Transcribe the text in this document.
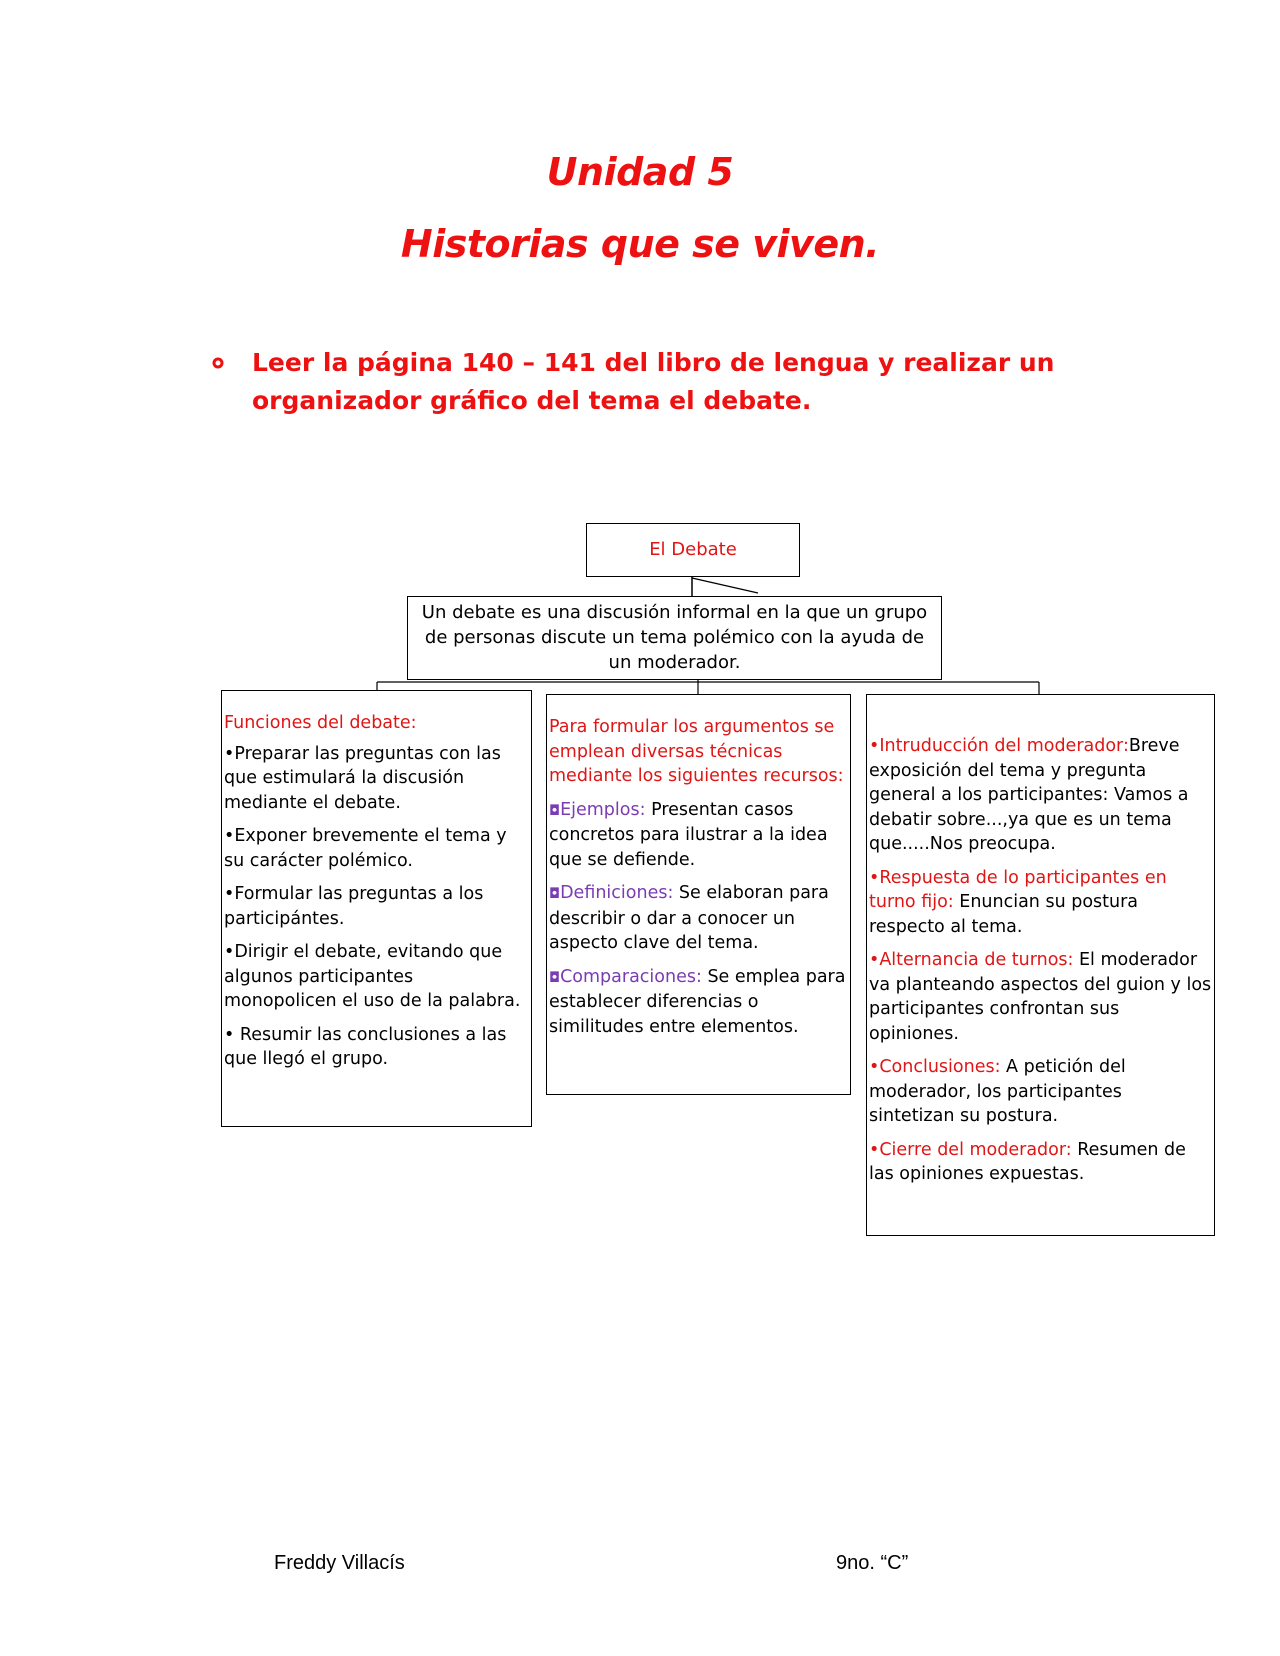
Unidad 5
Historias que se viven.
Leer la página 140 – 141 del libro de lengua y realizar un organizador gráfico del tema el debate.
El Debate
Un debate es una discusión informal en la que un grupo de personas discute un tema polémico con la ayuda de un moderador.
Funciones del debate:
•Preparar las preguntas con las que estimulará la discusión mediante el debate.
•Exponer brevemente el tema y su carácter polémico.
•Formular las preguntas a los participántes.
•Dirigir el debate, evitando que algunos participantes monopolicen el uso de la palabra.
• Resumir las conclusiones a las que llegó el grupo.
Para formular los argumentos se emplean diversas técnicas mediante los siguientes recursos:
◘Ejemplos: Presentan casos concretos para ilustrar a la idea que se defiende.
◘Definiciones: Se elaboran para describir o dar a conocer un aspecto clave del tema.
◘Comparaciones: Se emplea para establecer diferencias o similitudes entre elementos.
•Intruducción del moderador:Breve exposición del tema y pregunta general a los participantes: Vamos a debatir sobre...,ya que es un tema que.....Nos preocupa.
•Respuesta de lo participantes en turno fijo: Enuncian su postura respecto al tema.
•Alternancia de turnos: El moderador va planteando aspectos del guion y los participantes confrontan sus opiniones.
•Conclusiones: A petición del moderador, los participantes sintetizan su postura.
•Cierre del moderador: Resumen de las opiniones expuestas.
Freddy Villacís	9no. “C”
